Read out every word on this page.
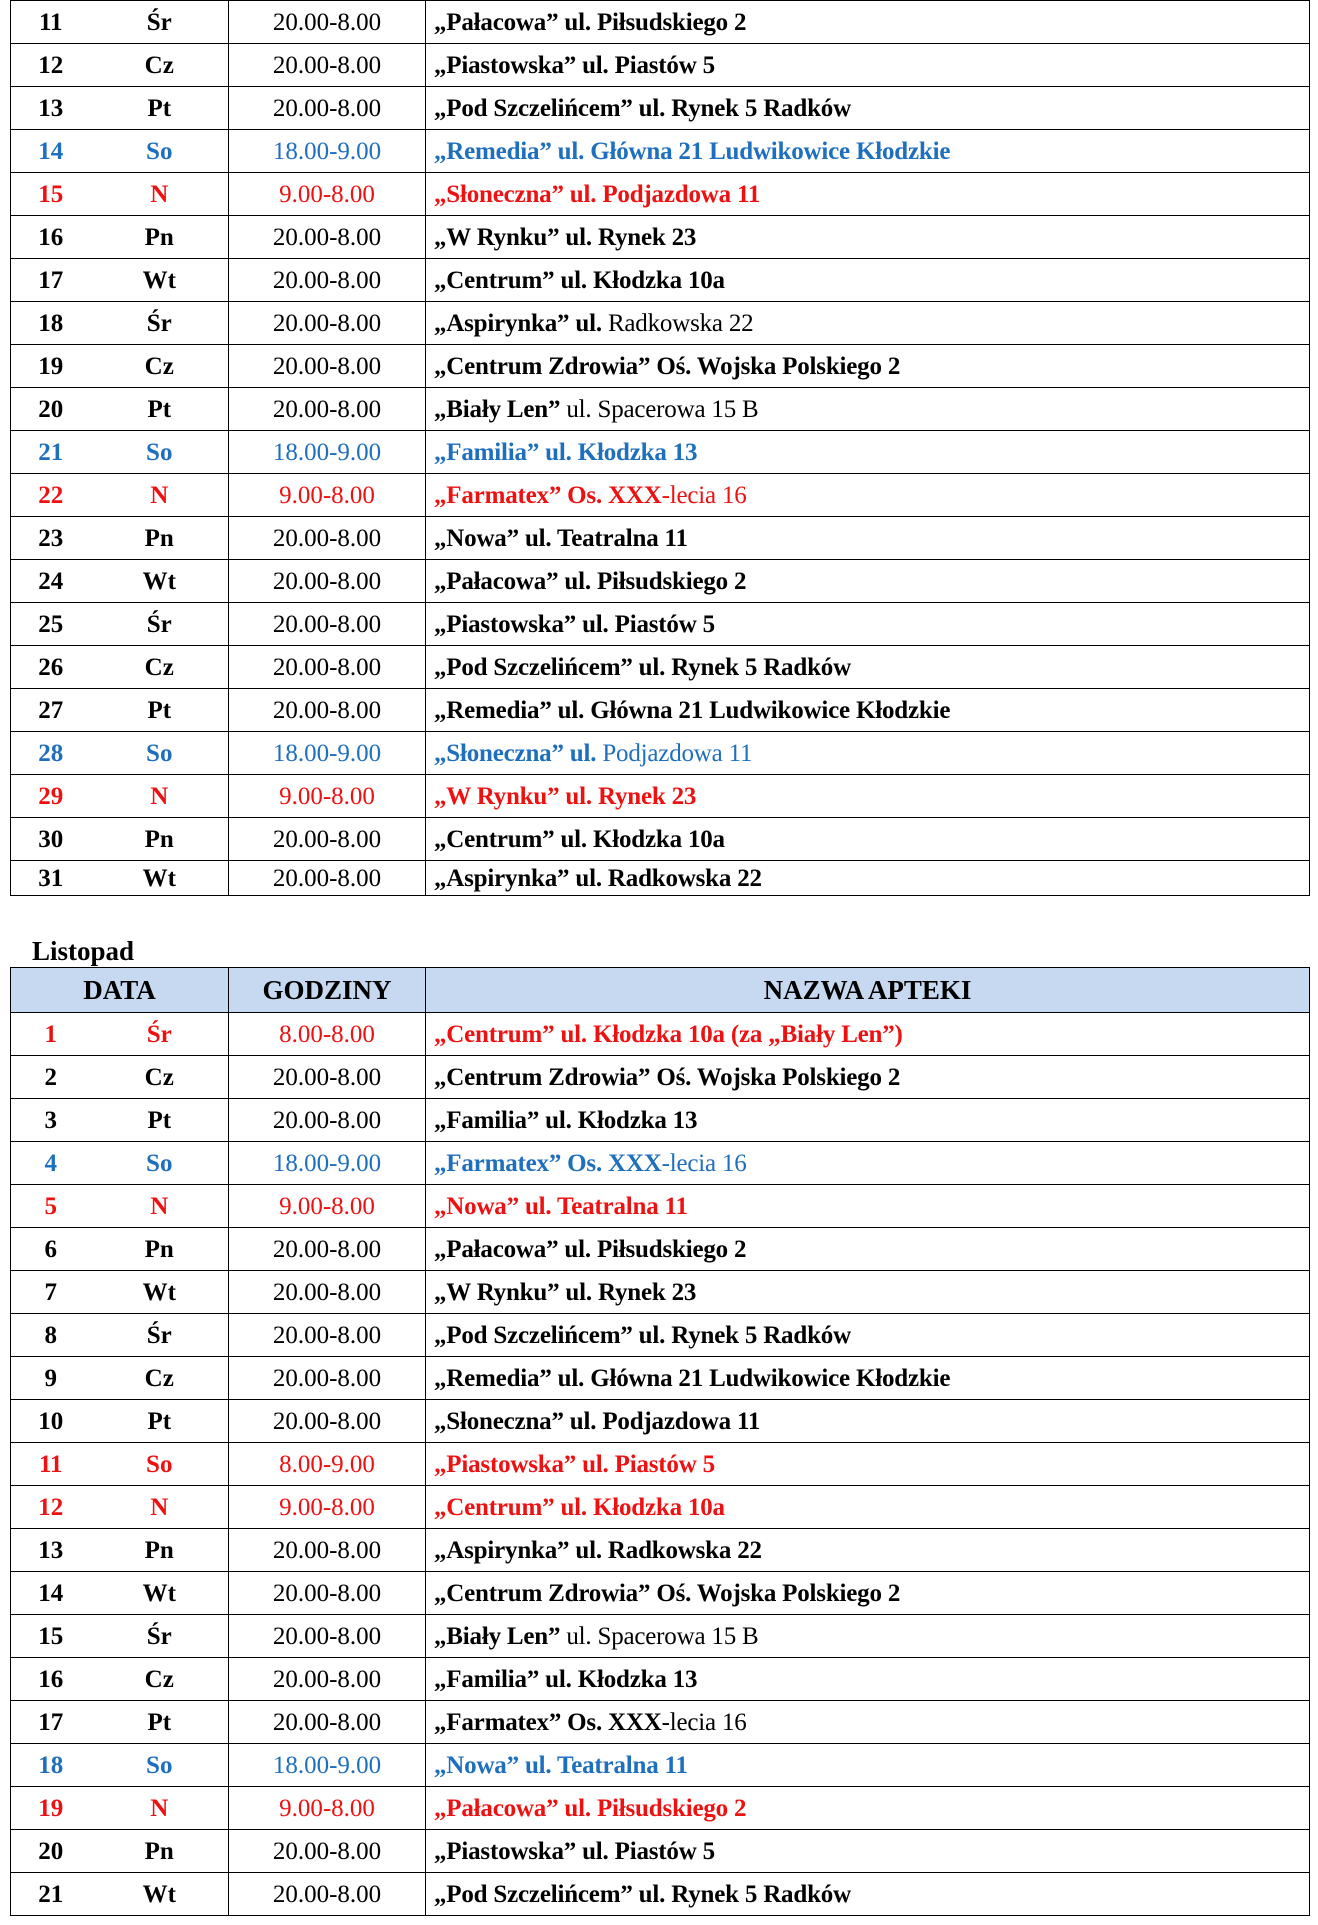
11	Śr	20.00-8.00	„Pałacowa” ul. Piłsudskiego 2
12	Cz	20.00-8.00	„Piastowska” ul. Piastów 5
13	Pt	20.00-8.00	„Pod Szczelińcem” ul. Rynek 5 Radków
14	So	18.00-9.00	„Remedia” ul. Główna 21 Ludwikowice Kłodzkie
15	N	9.00-8.00	„Słoneczna” ul. Podjazdowa 11
16	Pn	20.00-8.00	„W Rynku” ul. Rynek 23
17	Wt	20.00-8.00	„Centrum” ul. Kłodzka 10a
18	Śr	20.00-8.00	„Aspirynka” ul. Radkowska 22
19	Cz	20.00-8.00	„Centrum Zdrowia” Oś. Wojska Polskiego 2
20	Pt	20.00-8.00	„Biały Len” ul. Spacerowa 15 B
21	So	18.00-9.00	„Familia” ul. Kłodzka 13
22	N	9.00-8.00	„Farmatex” Os. XXX-lecia 16
23	Pn	20.00-8.00	„Nowa” ul. Teatralna 11
24	Wt	20.00-8.00	„Pałacowa” ul. Piłsudskiego 2
25	Śr	20.00-8.00	„Piastowska” ul. Piastów 5
26	Cz	20.00-8.00	„Pod Szczelińcem” ul. Rynek 5 Radków
27	Pt	20.00-8.00	„Remedia” ul. Główna 21 Ludwikowice Kłodzkie
28	So	18.00-9.00	„Słoneczna” ul. Podjazdowa 11
29	N	9.00-8.00	„W Rynku” ul. Rynek 23
30	Pn	20.00-8.00	„Centrum” ul. Kłodzka 10a
31	Wt	20.00-8.00	„Aspirynka” ul. Radkowska 22
Listopad
DATA		GODZINY	NAZWA APTEKI
1	Śr	8.00-8.00	„Centrum” ul. Kłodzka 10a (za „Biały Len”)
2	Cz	20.00-8.00	„Centrum Zdrowia” Oś. Wojska Polskiego 2
3	Pt	20.00-8.00	„Familia” ul. Kłodzka 13
4	So	18.00-9.00	„Farmatex” Os. XXX-lecia 16
5	N	9.00-8.00	„Nowa” ul. Teatralna 11
6	Pn	20.00-8.00	„Pałacowa” ul. Piłsudskiego 2
7	Wt	20.00-8.00	„W Rynku” ul. Rynek 23
8	Śr	20.00-8.00	„Pod Szczelińcem” ul. Rynek 5 Radków
9	Cz	20.00-8.00	„Remedia” ul. Główna 21 Ludwikowice Kłodzkie
10	Pt	20.00-8.00	„Słoneczna” ul. Podjazdowa 11
11	So	8.00-9.00	„Piastowska” ul. Piastów 5
12	N	9.00-8.00	„Centrum” ul. Kłodzka 10a
13	Pn	20.00-8.00	„Aspirynka” ul. Radkowska 22
14	Wt	20.00-8.00	„Centrum Zdrowia” Oś. Wojska Polskiego 2
15	Śr	20.00-8.00	„Biały Len” ul. Spacerowa 15 B
16	Cz	20.00-8.00	„Familia” ul. Kłodzka 13
17	Pt	20.00-8.00	„Farmatex” Os. XXX-lecia 16
18	So	18.00-9.00	„Nowa” ul. Teatralna 11
19	N	9.00-8.00	„Pałacowa” ul. Piłsudskiego 2
20	Pn	20.00-8.00	„Piastowska” ul. Piastów 5
21	Wt	20.00-8.00	„Pod Szczelińcem” ul. Rynek 5 Radków
